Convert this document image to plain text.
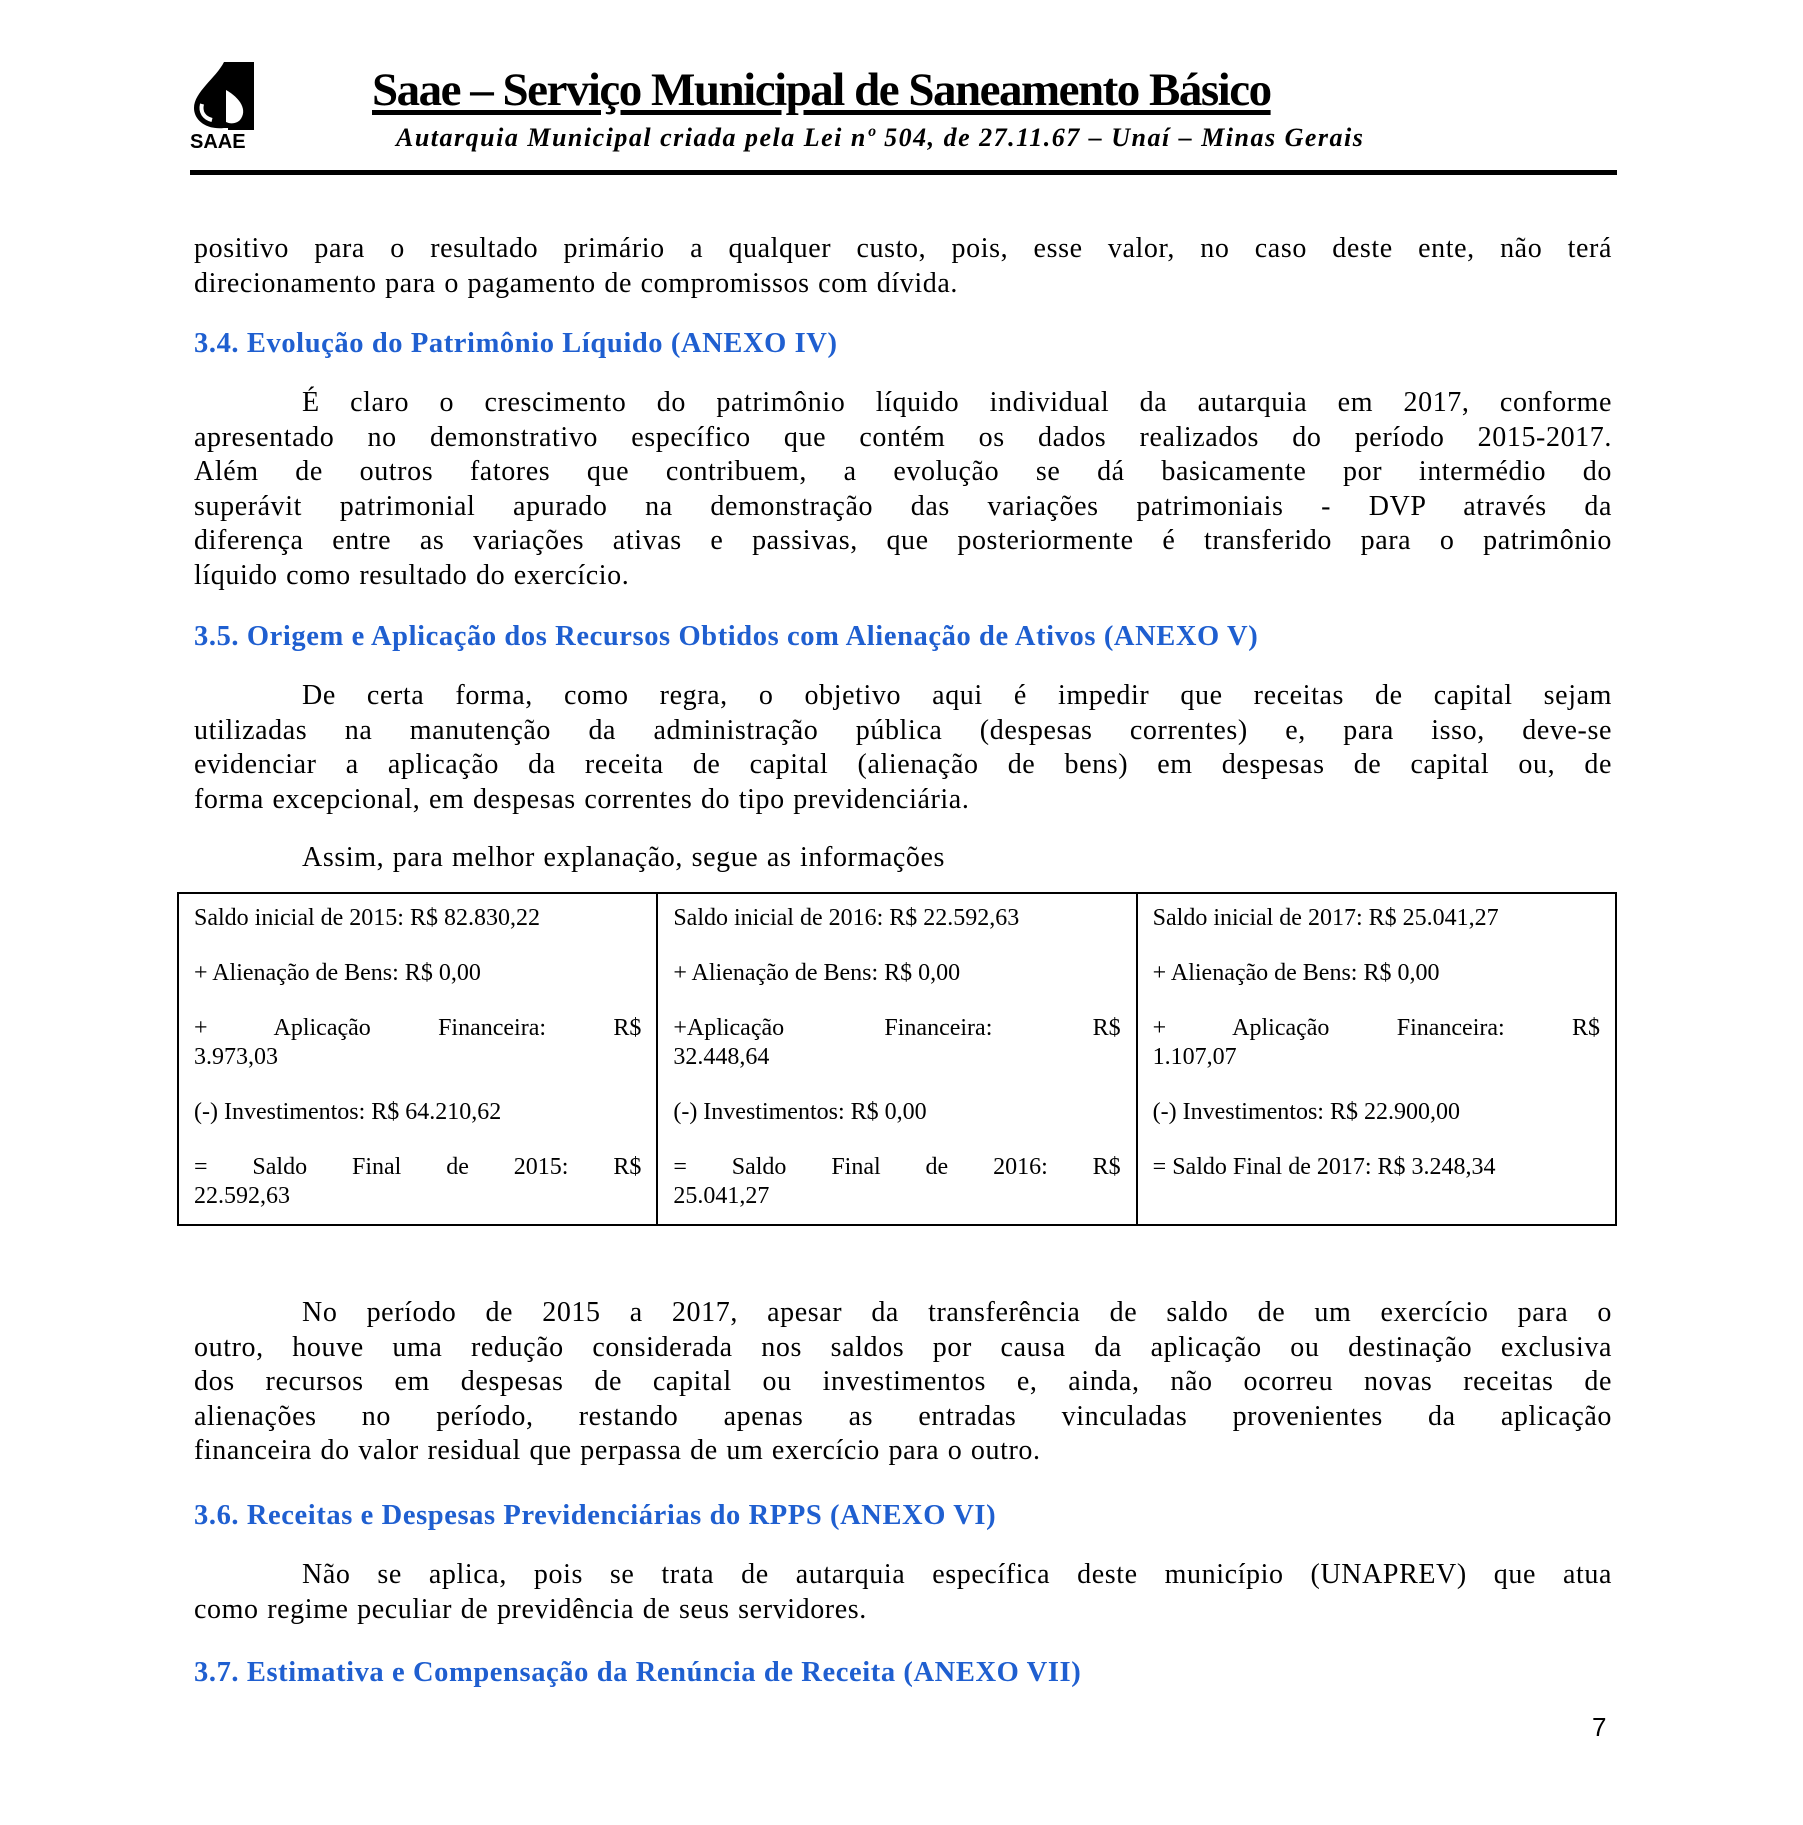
SAAE
Saae – Serviço Municipal de Saneamento Básico
Autarquia Municipal criada pela Lei nº 504, de 27.11.67 – Unaí – Minas Gerais
positivo para o resultado primário a qualquer custo, pois, esse valor, no caso deste ente, não terá
direcionamento para o pagamento de compromissos com dívida.
3.4. Evolução do Patrimônio Líquido (ANEXO IV)
É claro o crescimento do patrimônio líquido individual da autarquia em 2017, conforme
apresentado no demonstrativo específico que contém os dados realizados do período 2015-2017.
Além de outros fatores que contribuem, a evolução se dá basicamente por intermédio do
superávit patrimonial apurado na demonstração das variações patrimoniais - DVP através da
diferença entre as variações ativas e passivas, que posteriormente é transferido para o patrimônio
líquido como resultado do exercício.
3.5. Origem e Aplicação dos Recursos Obtidos com Alienação de Ativos (ANEXO V)
De certa forma, como regra, o objetivo aqui é impedir que receitas de capital sejam
utilizadas na manutenção da administração pública (despesas correntes) e, para isso, deve-se
evidenciar a aplicação da receita de capital (alienação de bens) em despesas de capital ou, de
forma excepcional, em despesas correntes do tipo previdenciária.
Assim, para melhor explanação, segue as informações
Saldo inicial de 2015: R$ 82.830,22
+ Alienação de Bens: R$ 0,00
+ Aplicação Financeira: R$
3.973,03
(-) Investimentos: R$ 64.210,62
= Saldo Final de 2015: R$
22.592,63
Saldo inicial de 2016: R$ 22.592,63
+ Alienação de Bens: R$ 0,00
+Aplicação Financeira: R$
32.448,64
(-) Investimentos: R$ 0,00
= Saldo Final de 2016: R$
25.041,27
Saldo inicial de 2017: R$ 25.041,27
+ Alienação de Bens: R$ 0,00
+ Aplicação Financeira: R$
1.107,07
(-) Investimentos: R$ 22.900,00
= Saldo Final de 2017: R$ 3.248,34
No período de 2015 a 2017, apesar da transferência de saldo de um exercício para o
outro, houve uma redução considerada nos saldos por causa da aplicação ou destinação exclusiva
dos recursos em despesas de capital ou investimentos e, ainda, não ocorreu novas receitas de
alienações no período, restando apenas as entradas vinculadas provenientes da aplicação
financeira do valor residual que perpassa de um exercício para o outro.
3.6. Receitas e Despesas Previdenciárias do RPPS (ANEXO VI)
Não se aplica, pois se trata de autarquia específica deste município (UNAPREV) que atua
como regime peculiar de previdência de seus servidores.
3.7. Estimativa e Compensação da Renúncia de Receita (ANEXO VII)
7
